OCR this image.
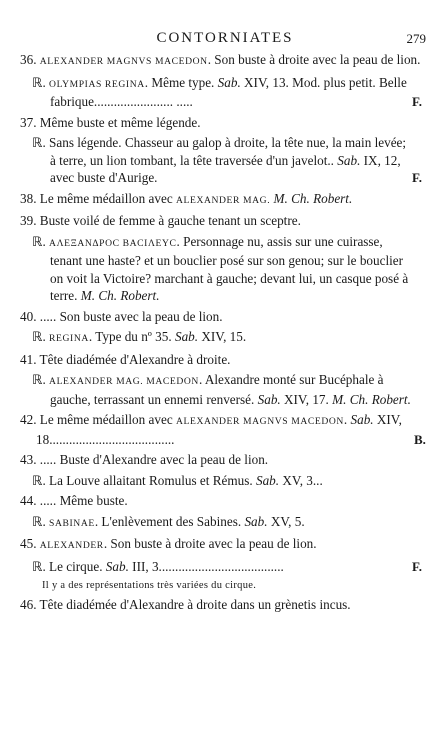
CONTORNIATES	279
36. ALEXANDER MAGNVS MACEDON. Son buste à droite avec la peau de lion.
ℝ. OLYMPIAS REGINA. Même type. Sab. XIV, 13. Mod. plus petit. Belle fabrique........................ .....	F.
37. Même buste et même légende.
ℝ. Sans légende. Chasseur au galop à droite, la tête nue, la main levée; à terre, un lion tombant, la tête traversée d'un javelot.. Sab. IX, 12, avec buste d'Aurige.	F.
38. Le même médaillon avec ALEXANDER MAG. M. Ch. Robert.
39. Buste voilé de femme à gauche tenant un sceptre.
ℝ. ΑΛΕΞΑΝΔΡΟϹ ΒΑϹΙΛΕΥϹ. Personnage nu, assis sur une cuirasse, tenant une haste? et un bouclier posé sur son genou; sur le bouclier on voit la Victoire? marchant à gauche; devant lui, un casque posé à terre. M. Ch. Robert.
40. ..... Son buste avec la peau de lion.
ℝ. REGINA. Type du nº 35. Sab. XIV, 15.
41. Tête diadémée d'Alexandre à droite.
ℝ. ALEXANDER MAG. MACEDON. Alexandre monté sur Bucéphale à gauche, terrassant un ennemi renversé. Sab. XIV, 17. M. Ch. Robert.
42. Le même médaillon avec ALEXANDER MAGNVS MACEDON. Sab. XIV, 18......................................	B.
43. ..... Buste d'Alexandre avec la peau de lion.
ℝ. La Louve allaitant Romulus et Rémus. Sab. XV, 3...
44. ..... Même buste.
ℝ. SABINAE. L'enlèvement des Sabines. Sab. XV, 5.
45. ALEXANDER. Son buste à droite avec la peau de lion.
ℝ. Le cirque. Sab. III, 3......................................	F.
Il y a des représentations très variées du cirque.
46. Tête diadémée d'Alexandre à droite dans un grènetis incus.
